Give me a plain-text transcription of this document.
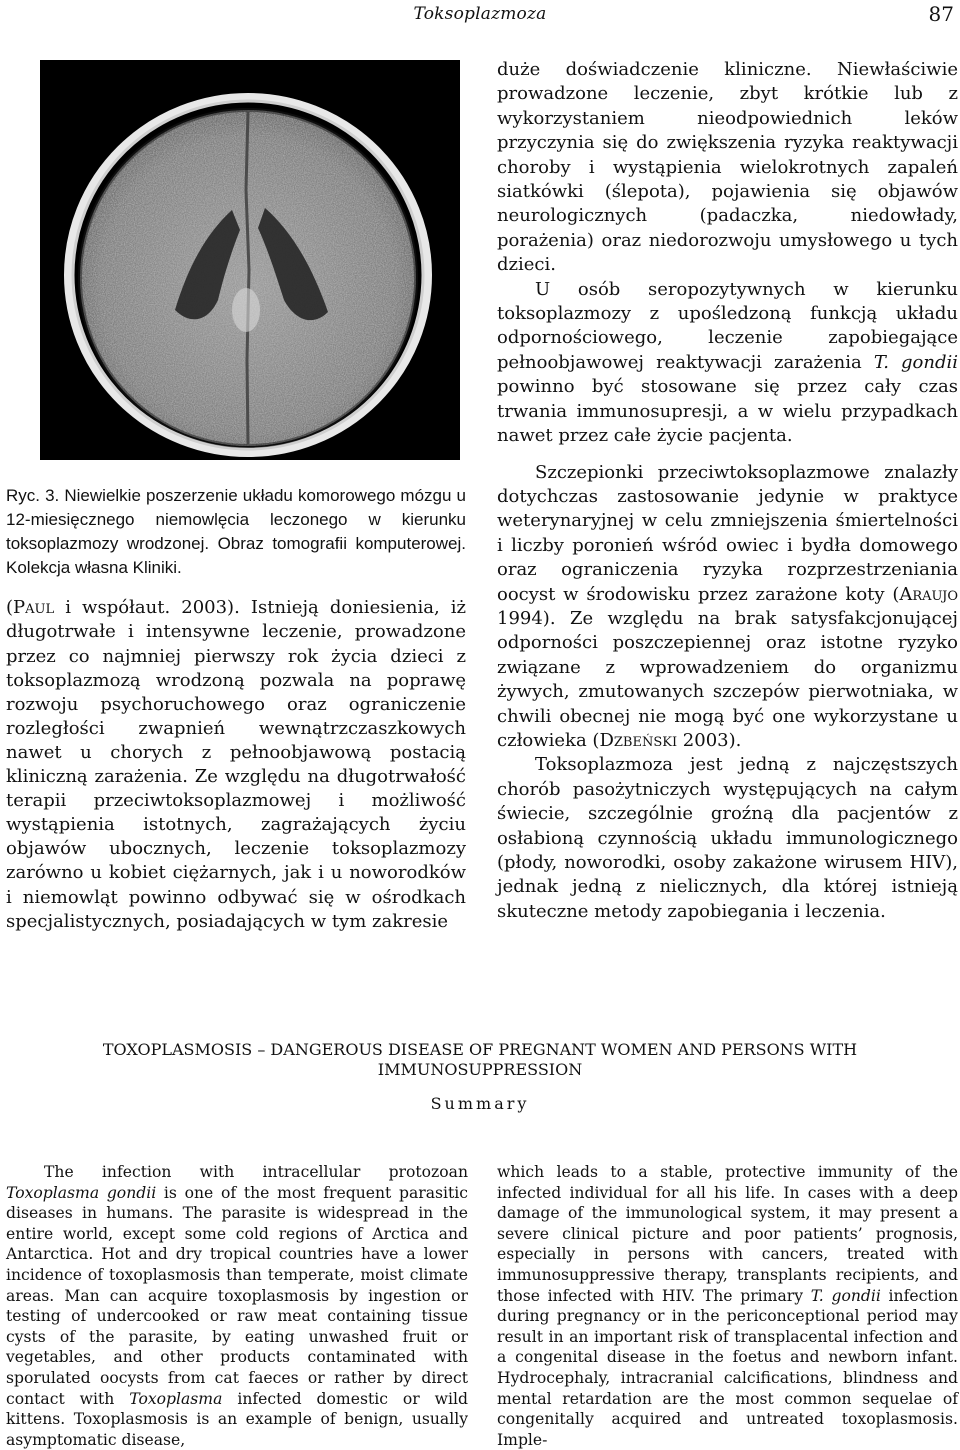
Toksoplazmoza	87

Ryc. 3. Niewielkie poszerzenie układu komorowego mózgu u 12-miesięcznego niemowlęcia leczonego w kierunku toksoplazmozy wrodzonej. Obraz tomografii komputerowej. Kolekcja własna Kliniki.

(Paul i współaut. 2003). Istnieją doniesienia, iż długotrwałe i intensywne leczenie, prowadzone przez co najmniej pierwszy rok życia dzieci z toksoplazmozą wrodzoną pozwala na poprawę rozwoju psychoruchowego oraz ograniczenie rozległości zwapnień wewnątrzczaszkowych nawet u chorych z pełnoobjawową postacią kliniczną zarażenia. Ze względu na długotrwałość terapii przeciwtoksoplazmowej i możliwość wystąpienia istotnych, zagrażających życiu objawów ubocznych, leczenie toksoplazmozy zarówno u kobiet ciężarnych, jak i u noworodków i niemowląt powinno odbywać się w ośrodkach specjalistycznych, posiadających w tym zakresie

duże doświadczenie kliniczne. Niewłaściwie prowadzone leczenie, zbyt krótkie lub z wykorzystaniem nieodpowiednich leków przyczynia się do zwiększenia ryzyka reaktywacji choroby i wystąpienia wielokrotnych zapaleń siatkówki (ślepota), pojawienia się objawów neurologicznych (padaczka, niedowłady, porażenia) oraz niedorozwoju umysłowego u tych dzieci.

U osób seropozytywnych w kierunku toksoplazmozy z upośledzoną funkcją układu odpornościowego, leczenie zapobiegające pełnoobjawowej reaktywacji zarażenia T. gondii powinno być stosowane się przez cały czas trwania immunosupresji, a w wielu przypadkach nawet przez całe życie pacjenta.

Szczepionki przeciwtoksoplazmowe znalazły dotychczas zastosowanie jedynie w praktyce weterynaryjnej w celu zmniejszenia śmiertelności i liczby poronień wśród owiec i bydła domowego oraz ograniczenia ryzyka rozprzestrzeniania oocyst w środowisku przez zarażone koty (Araujo 1994). Ze względu na brak satysfakcjonującej odporności poszczepiennej oraz istotne ryzyko związane z wprowadzeniem do organizmu żywych, zmutowanych szczepów pierwotniaka, w chwili obecnej nie mogą być one wykorzystane u człowieka (Dzbeński 2003).

Toksoplazmoza jest jedną z najczęstszych chorób pasożytniczych występujących na całym świecie, szczególnie groźną dla pacjentów z osłabioną czynnością układu immunologicznego (płody, noworodki, osoby zakażone wirusem HIV), jednak jedną z nielicznych, dla której istnieją skuteczne metody zapobiegania i leczenia.

TOXOPLASMOSIS – DANGEROUS DISEASE OF PREGNANT WOMEN AND PERSONS WITH IMMUNOSUPPRESSION
Summary

The infection with intracellular protozoan Toxoplasma gondii is one of the most frequent parasitic diseases in humans. The parasite is widespread in the entire world, except some cold regions of Arctica and Antarctica. Hot and dry tropical countries have a lower incidence of toxoplasmosis than temperate, moist climate areas. Man can acquire toxoplasmosis by ingestion or testing of undercooked or raw meat containing tissue cysts of the parasite, by eating unwashed fruit or vegetables, and other products contaminated with sporulated oocysts from cat faeces or rather by direct contact with Toxoplasma infected domestic or wild kittens. Toxoplasmosis is an example of benign, usually asymptomatic disease,

which leads to a stable, protective immunity of the infected individual for all his life. In cases with a deep damage of the immunological system, it may present a severe clinical picture and poor patients’ prognosis, especially in persons with cancers, treated with immunosuppressive therapy, transplants recipients, and those infected with HIV. The primary T. gondii infection during pregnancy or in the periconceptional period may result in an important risk of transplacental infection and a congenital disease in the foetus and newborn infant. Hydrocephaly, intracranial calcifications, blindness and mental retardation are the most common sequelae of congenitally acquired and untreated toxoplasmosis. Imple-
